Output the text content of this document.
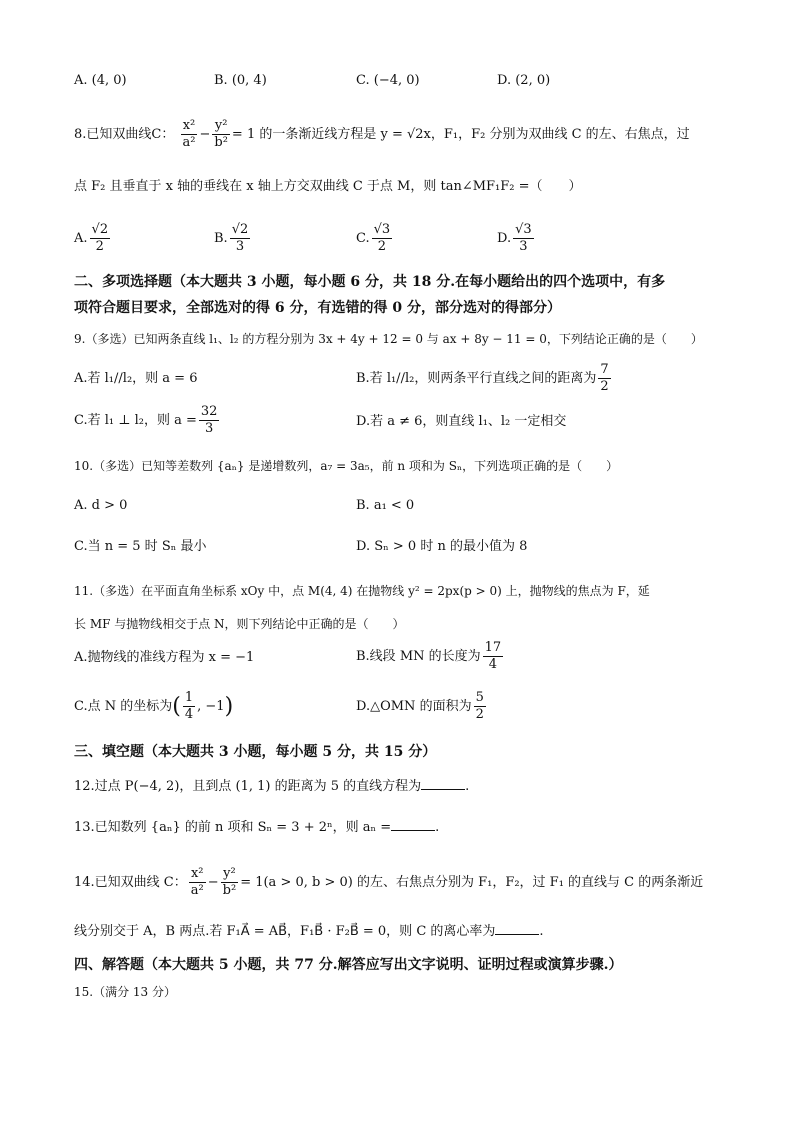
A. (4, 0)	B. (0, 4)	C. (−4, 0)	D. (2, 0)
8.已知双曲线C： $\frac{\text{x²}}{\text{a²}} - \frac{\text{y²}}{\text{b²}} = 1$ 的一条渐近线方程是 y = √2x，F₁，F₂ 分别为双曲线 C 的左、右焦点，过
点 F₂ 且垂直于 x 轴的垂线在 x 轴上方交双曲线 C 于点 M，则 tan∠MF₁F₂ =（　　）
A. $\frac{√2}{2}$	B. $\frac{√2}{3}$	C. $\frac{√3}{2}$	D. $\frac{√3}{3}$
二、多项选择题（本大题共 3 小题，每小题 6 分，共 18 分.在每小题给出的四个选项中，有多
项符合题目要求，全部选对的得 6 分，有选错的得 0 分，部分选对的得部分）
9.（多选）已知两条直线 l₁、l₂ 的方程分别为 3x + 4y + 12 = 0 与 ax + 8y − 11 = 0，下列结论正确的是（　　）
A.若 l₁//l₂，则 a = 6	B.若 l₁//l₂，则两条平行直线之间的距离为 $\frac{7}{2}$
C.若 l₁ ⊥ l₂，则 $a = \frac{32}{3}$	D.若 a ≠ 6，则直线 l₁、l₂ 一定相交
10.（多选）已知等差数列 {aₙ} 是递增数列，a₇ = 3a₅，前 n 项和为 Sₙ，下列选项正确的是（　　）
A. d > 0	B. a₁ < 0
C.当 n = 5 时 Sₙ 最小	D. Sₙ > 0 时 n 的最小值为 8
11.（多选）在平面直角坐标系 xOy 中，点 M(4, 4) 在抛物线 y² = 2px(p > 0) 上，抛物线的焦点为 F，延
长 MF 与抛物线相交于点 N，则下列结论中正确的是（　　）
A.抛物线的准线方程为 x = −1	B.线段 MN 的长度为 $\frac{17}{4}$
C.点 N 的坐标为( $\frac{1}{4}$ , −1)	D.△OMN 的面积为 $\frac{5}{2}$
三、填空题（本大题共 3 小题，每小题 5 分，共 15 分）
12.过点 P(−4, 2)，且到点 (1, 1) 的距离为 5 的直线方程为	.
13.已知数列 {aₙ} 的前 n 项和 Sₙ = 3 + 2ⁿ，则 aₙ =	.
14.已知双曲线 C： $\frac{\text{x²}}{\text{a²}} - \frac{\text{y²}}{\text{b²}} = 1(a > 0$, b > 0) 的左、右焦点分别为 F₁，F₂，过 F₁ 的直线与 C 的两条渐近
线分别交于 A，B 两点.若 F₁A⃗ = AB⃗，F₁B⃗ · F₂B⃗ = 0，则 C 的离心率为	.
四、解答题（本大题共 5 小题，共 77 分.解答应写出文字说明、证明过程或演算步骤.）
15.（满分 13 分）
